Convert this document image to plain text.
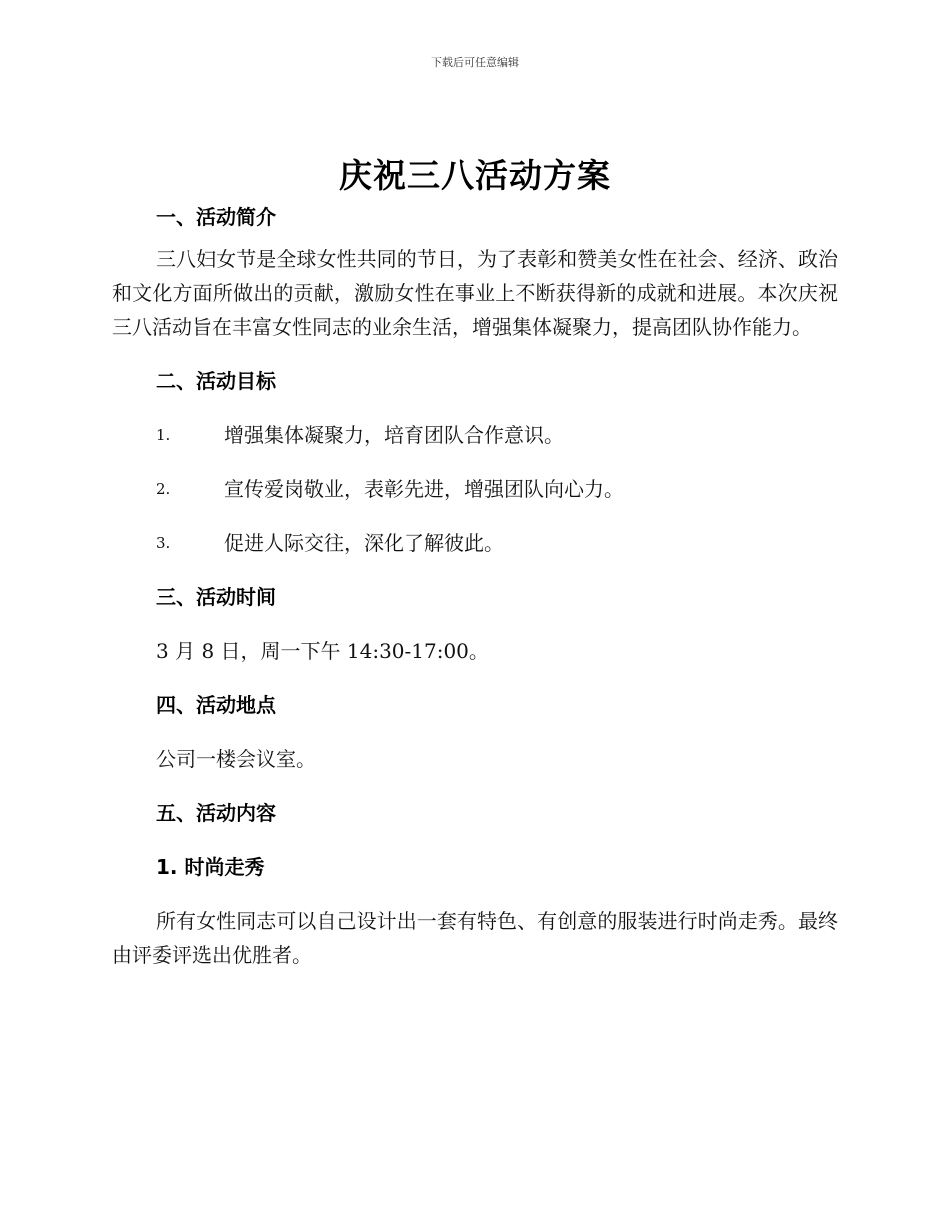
下载后可任意编辑
庆祝三八活动方案
一、活动简介
三八妇女节是全球女性共同的节日，为了表彰和赞美女性在社会、经济、政治和文化方面所做出的贡献，激励女性在事业上不断获得新的成就和进展。本次庆祝三八活动旨在丰富女性同志的业余生活，增强集体凝聚力，提高团队协作能力。
二、活动目标
1.	增强集体凝聚力，培育团队合作意识。
2.	宣传爱岗敬业，表彰先进，增强团队向心力。
3.	促进人际交往，深化了解彼此。
三、活动时间
3 月 8 日，周一下午 14:30-17:00。
四、活动地点
公司一楼会议室。
五、活动内容
1. 时尚走秀
所有女性同志可以自己设计出一套有特色、有创意的服装进行时尚走秀。最终由评委评选出优胜者。
